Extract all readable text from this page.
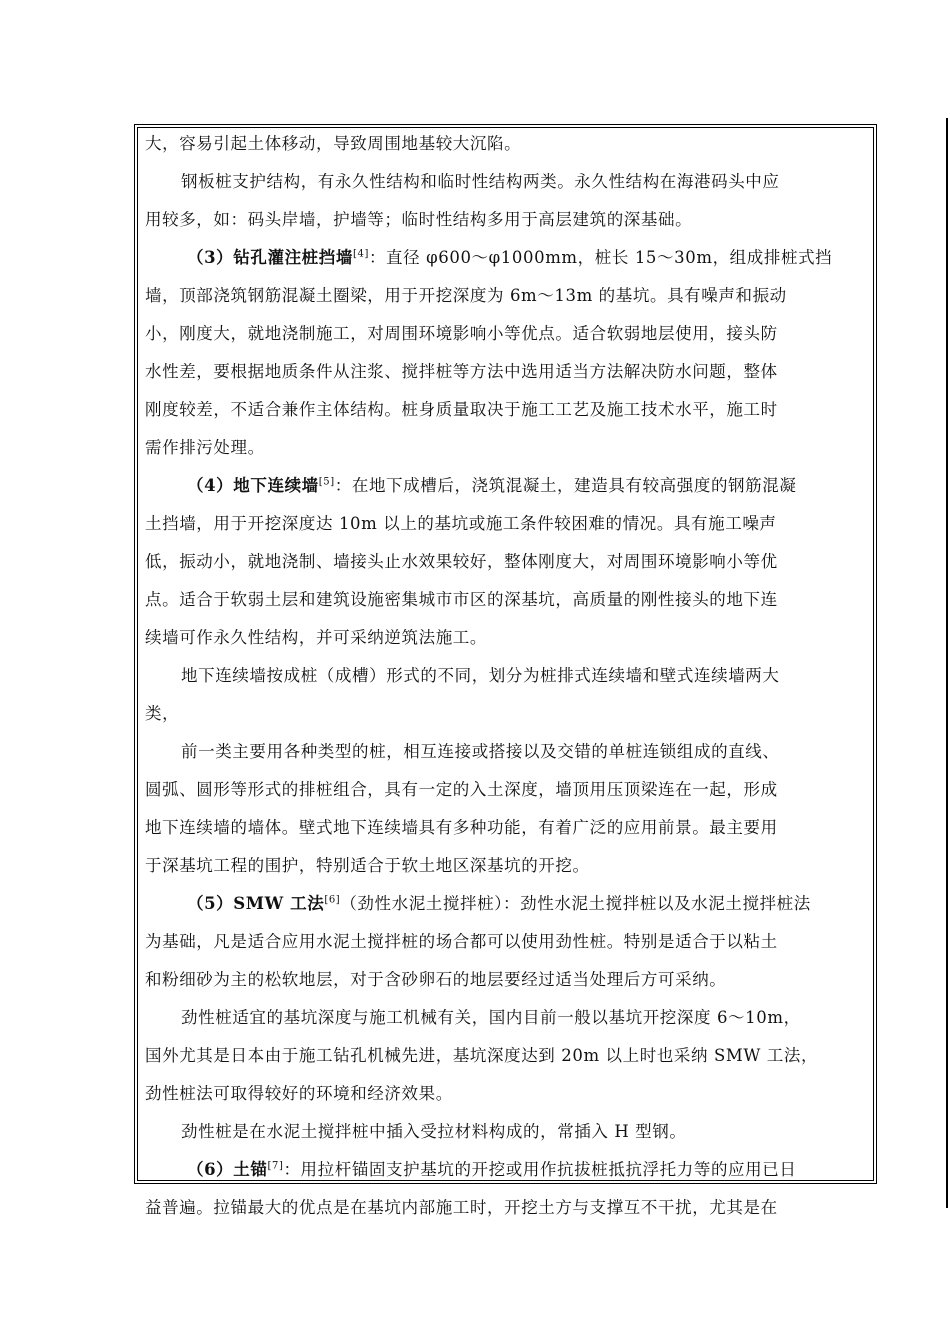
大，容易引起土体移动，导致周围地基较大沉陷。
钢板桩支护结构，有永久性结构和临时性结构两类。永久性结构在海港码头中应
用较多，如：码头岸墙，护墙等；临时性结构多用于高层建筑的深基础。
（3）钻孔灌注桩挡墙[4]：直径 φ600～φ1000mm，桩长 15～30m，组成排桩式挡
墙，顶部浇筑钢筋混凝土圈梁，用于开挖深度为 6m～13m 的基坑。具有噪声和振动
小，刚度大，就地浇制施工，对周围环境影响小等优点。适合软弱地层使用，接头防
水性差，要根据地质条件从注浆、搅拌桩等方法中选用适当方法解决防水问题，整体
刚度较差，不适合兼作主体结构。桩身质量取决于施工工艺及施工技术水平，施工时
需作排污处理。
（4）地下连续墙[5]：在地下成槽后，浇筑混凝土，建造具有较高强度的钢筋混凝
土挡墙，用于开挖深度达 10m 以上的基坑或施工条件较困难的情况。具有施工噪声
低，振动小，就地浇制、墙接头止水效果较好，整体刚度大，对周围环境影响小等优
点。适合于软弱土层和建筑设施密集城市市区的深基坑，高质量的刚性接头的地下连
续墙可作永久性结构，并可采纳逆筑法施工。
地下连续墙按成桩（成槽）形式的不同，划分为桩排式连续墙和壁式连续墙两大
类，
前一类主要用各种类型的桩，相互连接或搭接以及交错的单桩连锁组成的直线、
圆弧、圆形等形式的排桩组合，具有一定的入土深度，墙顶用压顶梁连在一起，形成
地下连续墙的墙体。壁式地下连续墙具有多种功能，有着广泛的应用前景。最主要用
于深基坑工程的围护，特别适合于软土地区深基坑的开挖。
（5）SMW 工法[6]（劲性水泥土搅拌桩）：劲性水泥土搅拌桩以及水泥土搅拌桩法
为基础，凡是适合应用水泥土搅拌桩的场合都可以使用劲性桩。特别是适合于以粘土
和粉细砂为主的松软地层，对于含砂卵石的地层要经过适当处理后方可采纳。
劲性桩适宜的基坑深度与施工机械有关，国内目前一般以基坑开挖深度 6～10m，
国外尤其是日本由于施工钻孔机械先进，基坑深度达到 20m 以上时也采纳 SMW 工法，
劲性桩法可取得较好的环境和经济效果。
劲性桩是在水泥土搅拌桩中插入受拉材料构成的，常插入 H 型钢。
（6）土锚[7]：用拉杆锚固支护基坑的开挖或用作抗拔桩抵抗浮托力等的应用已日
益普遍。拉锚最大的优点是在基坑内部施工时，开挖土方与支撑互不干扰，尤其是在
